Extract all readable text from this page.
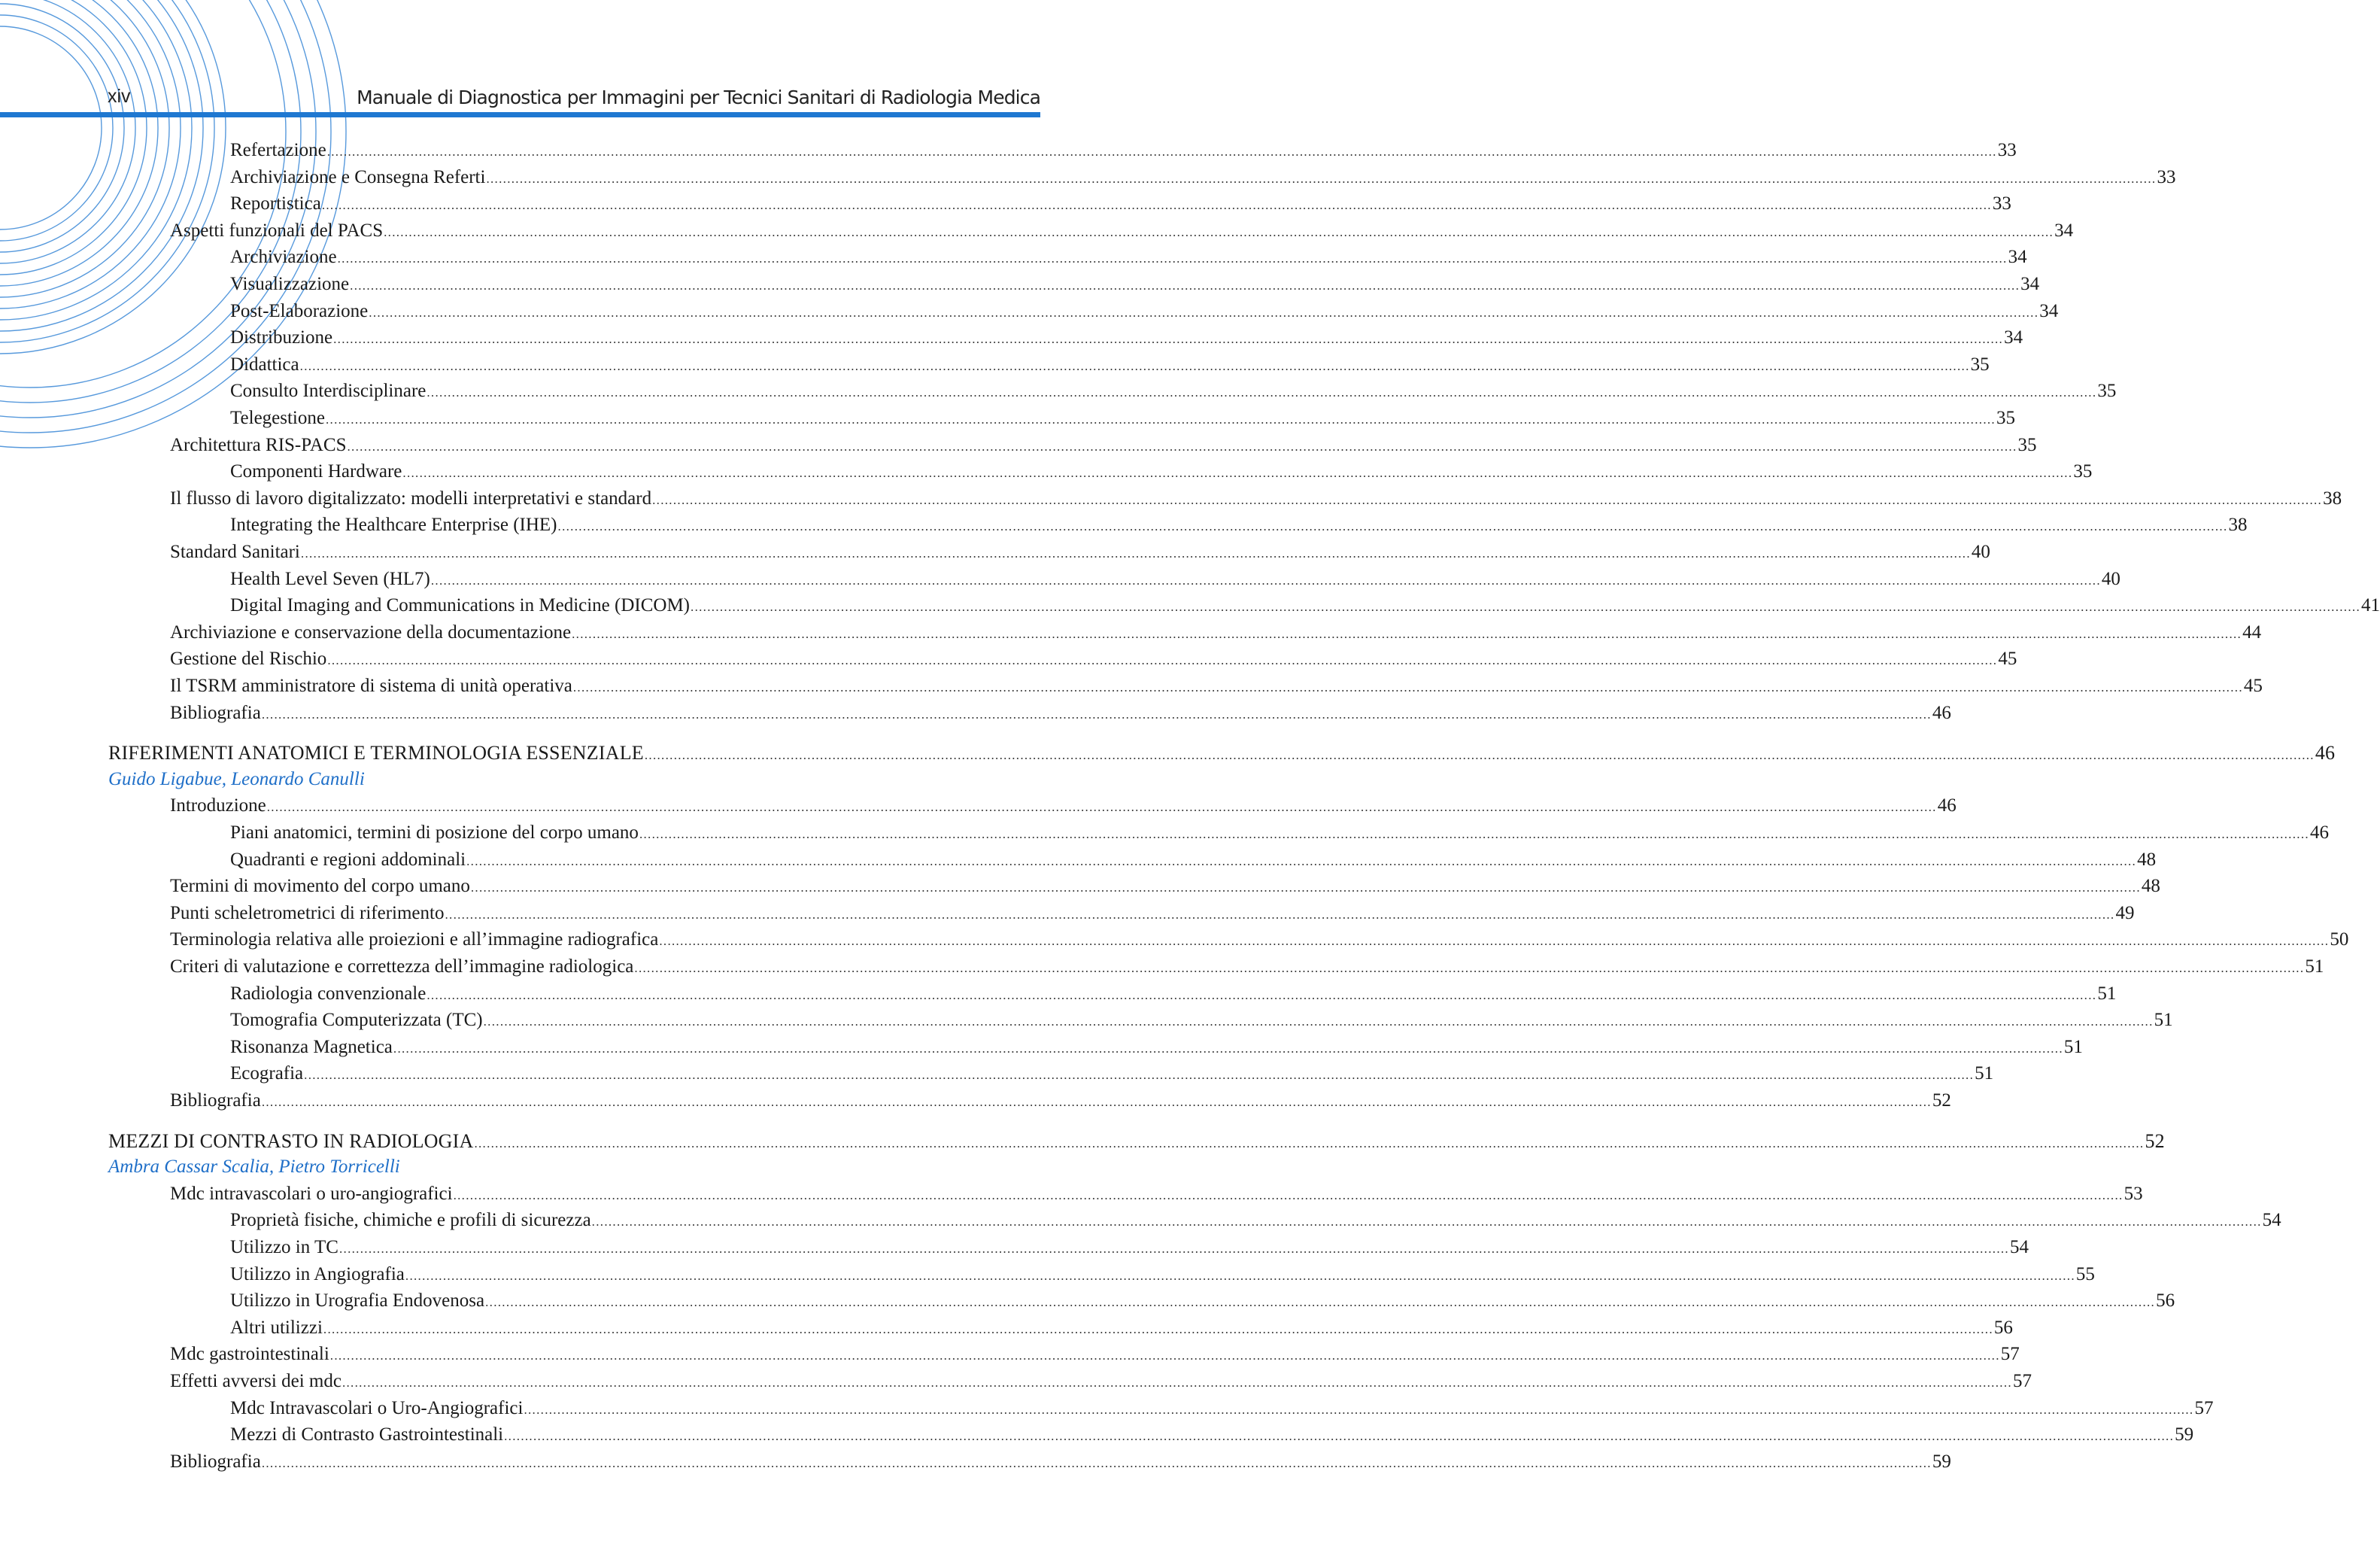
xiv	Manuale di Diagnostica per Immagini per Tecnici Sanitari di Radiologia Medica
Refertazione ................................................................................................................................................................................................................................................................................................................................................................................................................ 33
Archiviazione e Consegna Referti ................................................................................................................................................................................................................................................................................................................................................................................................................ 33
Reportistica ................................................................................................................................................................................................................................................................................................................................................................................................................ 33
Aspetti funzionali del PACS ................................................................................................................................................................................................................................................................................................................................................................................................................ 34
Archiviazione ................................................................................................................................................................................................................................................................................................................................................................................................................ 34
Visualizzazione ................................................................................................................................................................................................................................................................................................................................................................................................................ 34
Post-Elaborazione ................................................................................................................................................................................................................................................................................................................................................................................................................ 34
Distribuzione ................................................................................................................................................................................................................................................................................................................................................................................................................ 34
Didattica ................................................................................................................................................................................................................................................................................................................................................................................................................ 35
Consulto Interdisciplinare ................................................................................................................................................................................................................................................................................................................................................................................................................ 35
Telegestione ................................................................................................................................................................................................................................................................................................................................................................................................................ 35
Architettura RIS-PACS ................................................................................................................................................................................................................................................................................................................................................................................................................ 35
Componenti Hardware ................................................................................................................................................................................................................................................................................................................................................................................................................ 35
Il flusso di lavoro digitalizzato: modelli interpretativi e standard ................................................................................................................................................................................................................................................................................................................................................................................................................ 38
Integrating the Healthcare Enterprise (IHE) ................................................................................................................................................................................................................................................................................................................................................................................................................ 38
Standard Sanitari ................................................................................................................................................................................................................................................................................................................................................................................................................ 40
Health Level Seven (HL7) ................................................................................................................................................................................................................................................................................................................................................................................................................ 40
Digital Imaging and Communications in Medicine (DICOM) ................................................................................................................................................................................................................................................................................................................................................................................................................ 41
Archiviazione e conservazione della documentazione ................................................................................................................................................................................................................................................................................................................................................................................................................ 44
Gestione del Rischio ................................................................................................................................................................................................................................................................................................................................................................................................................ 45
Il TSRM amministratore di sistema di unità operativa ................................................................................................................................................................................................................................................................................................................................................................................................................ 45
Bibliografia ................................................................................................................................................................................................................................................................................................................................................................................................................ 46
RIFERIMENTI ANATOMICI E TERMINOLOGIA ESSENZIALE ................................................................................................................................................................................................................................................................................................................................................................................................................ 46
Guido Ligabue, Leonardo Canulli
Introduzione ................................................................................................................................................................................................................................................................................................................................................................................................................ 46
Piani anatomici, termini di posizione del corpo umano ................................................................................................................................................................................................................................................................................................................................................................................................................ 46
Quadranti e regioni addominali ................................................................................................................................................................................................................................................................................................................................................................................................................ 48
Termini di movimento del corpo umano ................................................................................................................................................................................................................................................................................................................................................................................................................ 48
Punti scheletrometrici di riferimento ................................................................................................................................................................................................................................................................................................................................................................................................................ 49
Terminologia relativa alle proiezioni e all’immagine radiografica ................................................................................................................................................................................................................................................................................................................................................................................................................ 50
Criteri di valutazione e correttezza dell’immagine radiologica ................................................................................................................................................................................................................................................................................................................................................................................................................ 51
Radiologia convenzionale ................................................................................................................................................................................................................................................................................................................................................................................................................ 51
Tomografia Computerizzata (TC) ................................................................................................................................................................................................................................................................................................................................................................................................................ 51
Risonanza Magnetica ................................................................................................................................................................................................................................................................................................................................................................................................................ 51
Ecografia ................................................................................................................................................................................................................................................................................................................................................................................................................ 51
Bibliografia ................................................................................................................................................................................................................................................................................................................................................................................................................ 52
MEZZI DI CONTRASTO IN RADIOLOGIA ................................................................................................................................................................................................................................................................................................................................................................................................................ 52
Ambra Cassar Scalia, Pietro Torricelli
Mdc intravascolari o uro-angiografici ................................................................................................................................................................................................................................................................................................................................................................................................................ 53
Proprietà fisiche, chimiche e profili di sicurezza ................................................................................................................................................................................................................................................................................................................................................................................................................ 54
Utilizzo in TC ................................................................................................................................................................................................................................................................................................................................................................................................................ 54
Utilizzo in Angiografia ................................................................................................................................................................................................................................................................................................................................................................................................................ 55
Utilizzo in Urografia Endovenosa ................................................................................................................................................................................................................................................................................................................................................................................................................ 56
Altri utilizzi ................................................................................................................................................................................................................................................................................................................................................................................................................ 56
Mdc gastrointestinali ................................................................................................................................................................................................................................................................................................................................................................................................................ 57
Effetti avversi dei mdc ................................................................................................................................................................................................................................................................................................................................................................................................................ 57
Mdc Intravascolari o Uro-Angiografici ................................................................................................................................................................................................................................................................................................................................................................................................................ 57
Mezzi di Contrasto Gastrointestinali ................................................................................................................................................................................................................................................................................................................................................................................................................ 59
Bibliografia ................................................................................................................................................................................................................................................................................................................................................................................................................ 59
